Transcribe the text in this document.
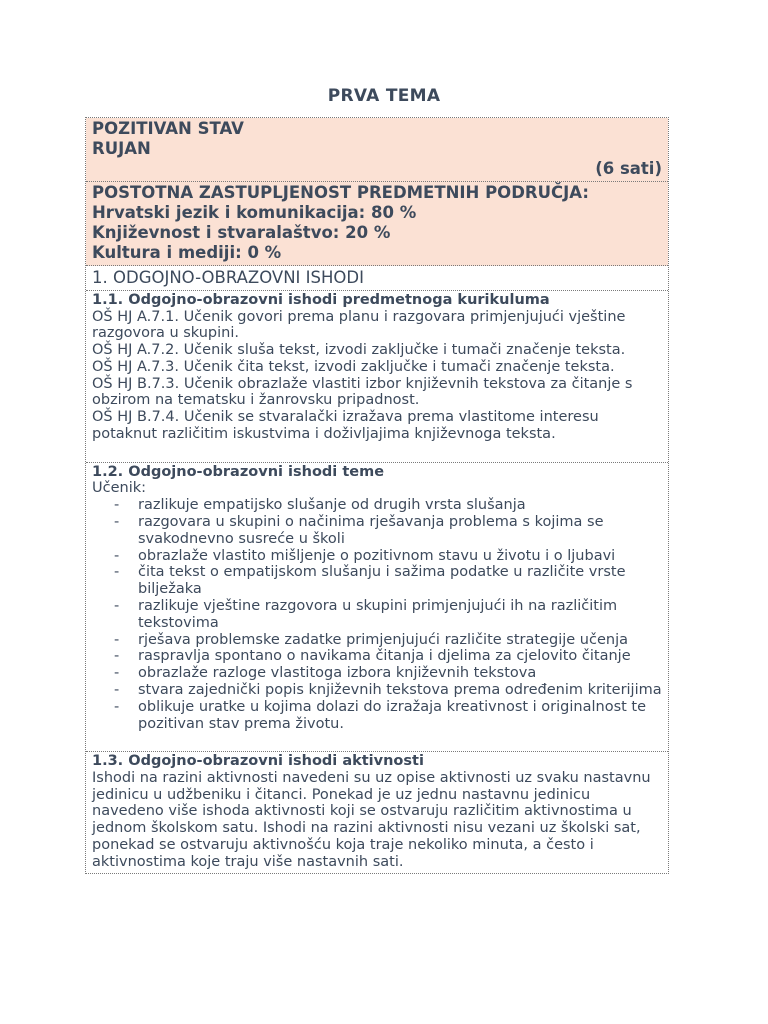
PRVA TEMA
POZITIVAN STAV
RUJAN
(6 sati)
POSTOTNA ZASTUPLJENOST PREDMETNIH PODRUČJA:
Hrvatski jezik i komunikacija: 80 %
Književnost i stvaralaštvo: 20 %
Kultura i mediji: 0 %
1. ODGOJNO-OBRAZOVNI ISHODI
1.1. Odgojno-obrazovni ishodi predmetnoga kurikuluma
OŠ HJ A.7.1. Učenik govori prema planu i razgovara primjenjujući vještine razgovora u skupini.
OŠ HJ A.7.2. Učenik sluša tekst, izvodi zaključke i tumači značenje teksta.
OŠ HJ A.7.3. Učenik čita tekst, izvodi zaključke i tumači značenje teksta.
OŠ HJ B.7.3. Učenik obrazlaže vlastiti izbor književnih tekstova za čitanje s obzirom na tematsku i žanrovsku pripadnost.
OŠ HJ B.7.4. Učenik se stvaralački izražava prema vlastitome interesu potaknut različitim iskustvima i doživljajima književnoga teksta.
1.2. Odgojno-obrazovni ishodi teme
Učenik:
- razlikuje empatijsko slušanje od drugih vrsta slušanja
- razgovara u skupini o načinima rješavanja problema s kojima se svakodnevno susreće u školi
- obrazlaže vlastito mišljenje o pozitivnom stavu u životu i o ljubavi
- čita tekst o empatijskom slušanju i sažima podatke u različite vrste bilježaka
- razlikuje vještine razgovora u skupini primjenjujući ih na različitim tekstovima
- rješava problemske zadatke primjenjujući različite strategije učenja
- raspravlja spontano o navikama čitanja i djelima za cjelovito čitanje
- obrazlaže razloge vlastitoga izbora književnih tekstova
- stvara zajednički popis književnih tekstova prema određenim kriterijima
- oblikuje uratke u kojima dolazi do izražaja kreativnost i originalnost te pozitivan stav prema životu.
1.3. Odgojno-obrazovni ishodi aktivnosti
Ishodi na razini aktivnosti navedeni su uz opise aktivnosti uz svaku nastavnu jedinicu u udžbeniku i čitanci. Ponekad je uz jednu nastavnu jedinicu navedeno više ishoda aktivnosti koji se ostvaruju različitim aktivnostima u jednom školskom satu. Ishodi na razini aktivnosti nisu vezani uz školski sat, ponekad se ostvaruju aktivnošću koja traje nekoliko minuta, a često i aktivnostima koje traju više nastavnih sati.
